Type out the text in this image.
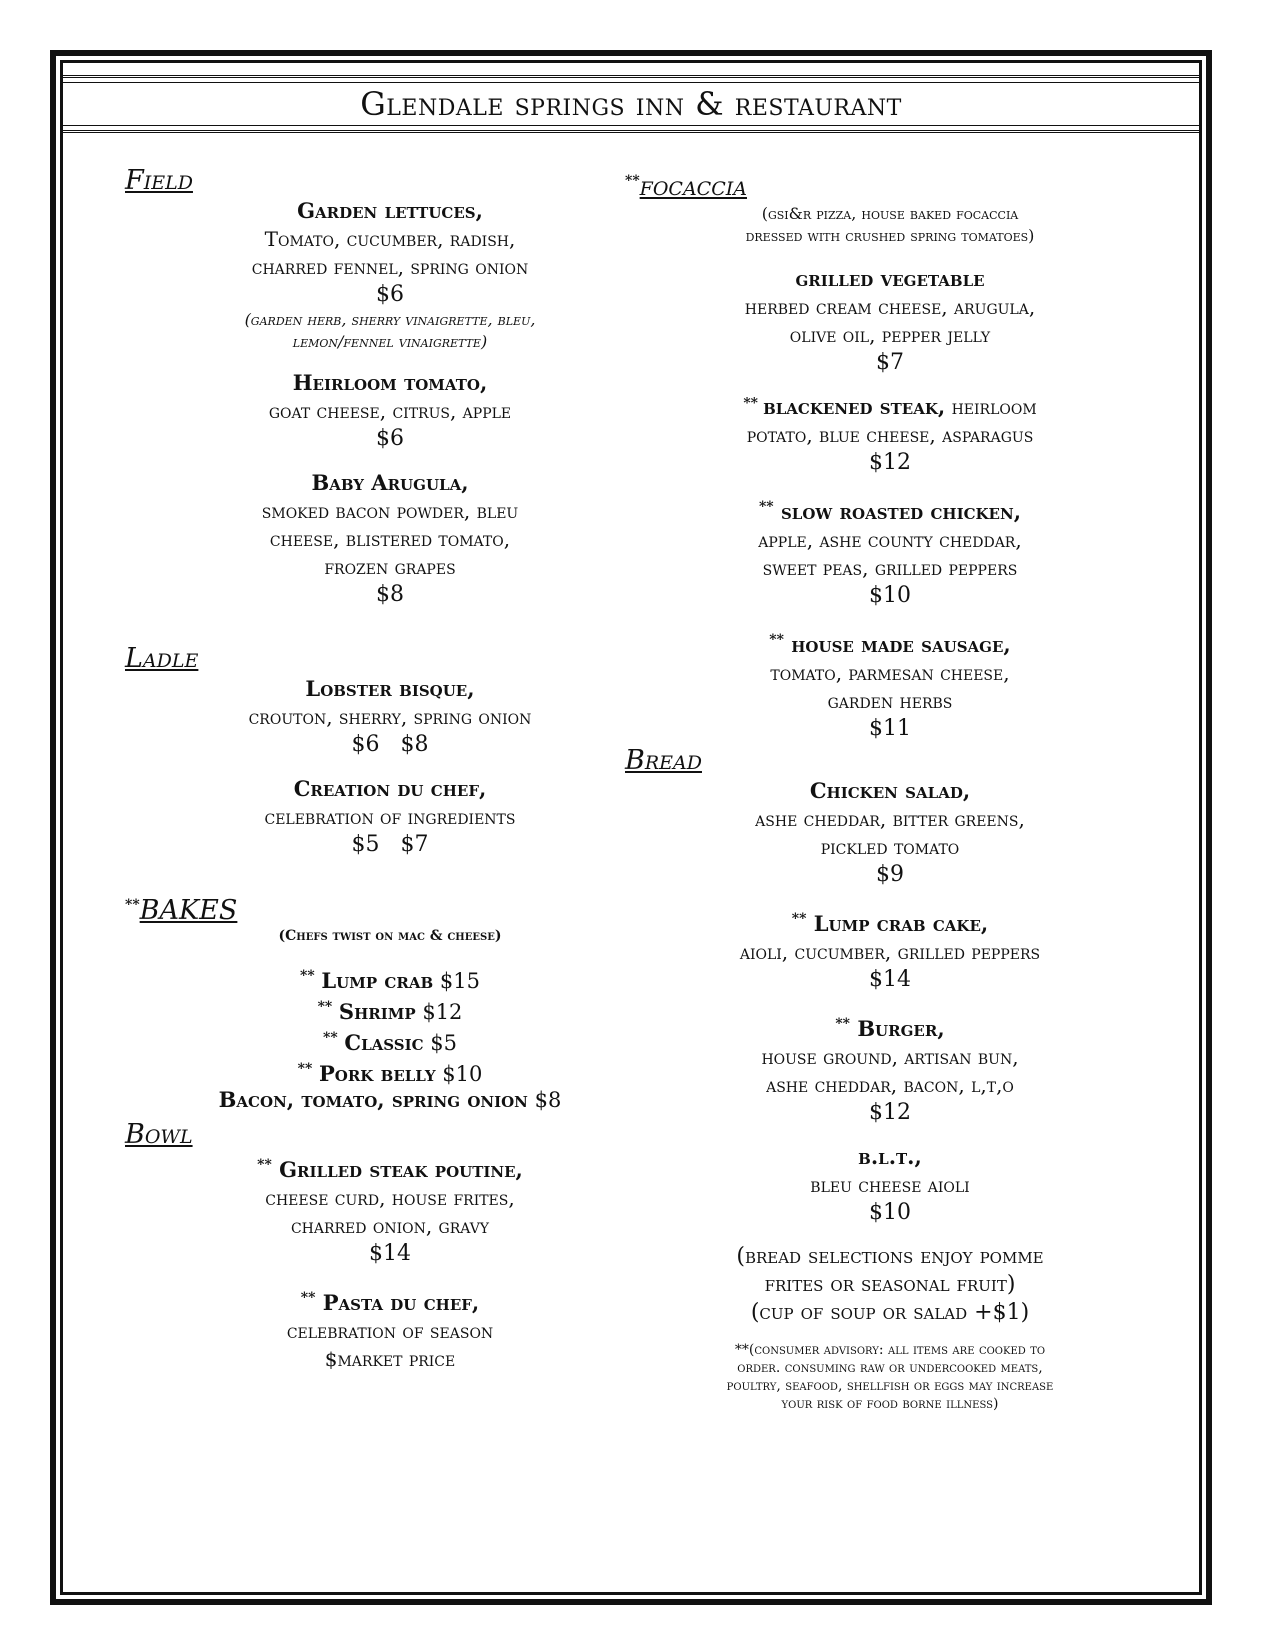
Glendale springs inn & restaurant
Field
Garden lettuces,
Tomato, cucumber, radish,
charred fennel, spring onion
$6
(garden herb, sherry vinaigrette, bleu,
lemon/fennel vinaigrette)
Heirloom tomato,
goat cheese, citrus, apple
$6
Baby Arugula,
smoked bacon powder, bleu
cheese, blistered tomato,
frozen grapes
$8
Ladle
Lobster bisque,
crouton, sherry, spring onion
$6   $8
Creation du chef,
celebration of ingredients
$5   $7
**BAKES
(Chefs twist on mac & cheese)
** Lump crab $15
** Shrimp $12
** Classic $5
** Pork belly $10
Bacon, tomato, spring onion $8
Bowl
** Grilled steak poutine,
cheese curd, house frites,
charred onion, gravy
$14
** Pasta du chef,
celebration of season
$market price
**focaccia
(gsi&r pizza, house baked focaccia
dressed with crushed spring tomatoes)
grilled vegetable
herbed cream cheese, arugula,
olive oil, pepper jelly
$7
** blackened steak, heirloom
potato, blue cheese, asparagus
$12
** slow roasted chicken,
apple, ashe county cheddar,
sweet peas, grilled peppers
$10
** house made sausage,
tomato, parmesan cheese,
garden herbs
$11
Bread
Chicken salad,
ashe cheddar, bitter greens,
pickled tomato
$9
** Lump crab cake,
aioli, cucumber, grilled peppers
$14
** Burger,
house ground, artisan bun,
ashe cheddar, bacon, l,t,o
$12
b.l.t.,
bleu cheese aioli
$10
(bread selections enjoy pomme
frites or seasonal fruit)
(cup of soup or salad +$1)
**(consumer advisory: all items are cooked to
order. consuming raw or undercooked meats,
poultry, seafood, shellfish or eggs may increase
your risk of food borne illness)
